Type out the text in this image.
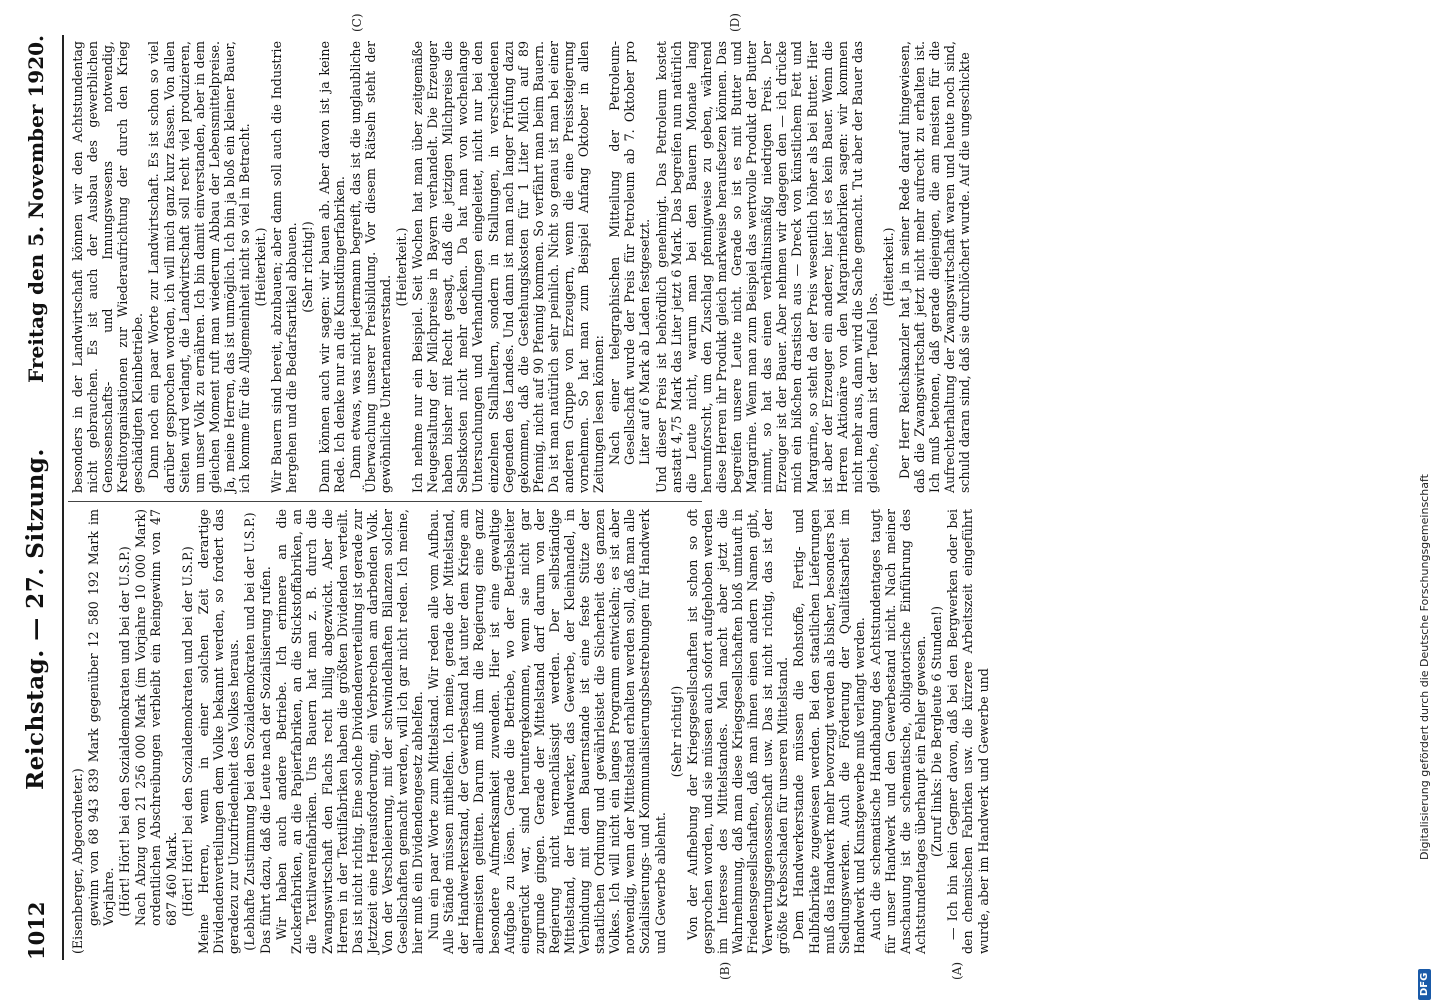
1012
Reichstag. — 27. Sitzung.
Freitag den 5. November 1920.

(Eisenberger, Abgeordneter.) gewinn von 68 943 839 Mark gegenüber 12 580 192 Mark im Vorjahre. (Hört! Hört! bei den Sozialdemokraten und bei der U.S.P.) Nach Abzug von 21 256 000 Mark (im Vorjahre 10 000 Mark) ordentlichen Abschreibungen verbleibt ein Reingewinn von 47 687 460 Mark. (Hört! Hört! bei den Sozialdemokraten und bei der U.S.P.) Meine Herren, wenn in einer solchen Zeit derartige Dividendenverteilungen dem Volke bekannt werden, so fordert das geradezu zur Unzufriedenheit des Volkes heraus. (Lebhafte Zustimmung bei den Sozialdemokraten und bei der U.S.P.) Das führt dazu, daß die Leute nach der Sozialisierung rufen. Wir haben auch andere Betriebe. Ich erinnere an die Zuckerfabriken, an die Papierfabriken, an die Stickstoffabriken, an die Textilwarenfabriken. Uns Bauern hat man z. B. durch die Zwangswirtschaft den Flachs recht billig abgezwickt. Aber die Herren in der Textilfabriken haben die größten Dividenden verteilt. Das ist nicht richtig. Eine solche Dividendenverteilung ist gerade zur Jetztzeit eine Herausforderung, ein Verbrechen am darbenden Volk. Von der Verschleierung, mit der schwindelhaften Bilanzen solcher Gesellschaften gemacht werden, will ich gar nicht reden. Ich meine, hier muß ein Dividendengesetz abhelfen. Nun ein paar Worte zum Mittelstand. Wir reden alle vom Aufbau. Alle Stände müssen mithelfen. Ich meine, gerade der Mittelstand, der Handwerkerstand, der Gewerbestand hat unter dem Kriege am allermeisten gelitten. Darum muß ihm die Regierung eine ganz besondere Aufmerksamkeit zuwenden. Hier ist eine gewaltige Aufgabe zu lösen. Gerade die Betriebe, wo der Betriebsleiter eingerückt war, sind heruntergekommen, wenn sie nicht gar zugrunde gingen. Gerade der Mittelstand darf darum von der Regierung nicht vernachlässigt werden. Der selbständige Mittelstand, der Handwerker, das Gewerbe, der Kleinhandel, in Verbindung mit dem Bauernstande ist eine feste Stütze der staatlichen Ordnung und gewährleistet die Sicherheit des ganzen Volkes. Ich will nicht ein langes Programm entwickeln; es ist aber notwendig, wenn der Mittelstand erhalten werden soll, daß man alle Sozialisierungs- und Kommunalisierungsbestrebungen für Handwerk und Gewerbe ablehnt.

(Sehr richtig!) Von der Aufhebung der Kriegsgesellschaften ist schon so oft gesprochen worden, und sie müssen auch sofort aufgehoben werden im Interesse des Mittelstandes. Man macht aber jetzt die Wahrnehmung, daß man diese Kriegsgesellschaften bloß umtauft in Friedensgesellschaften, daß man ihnen einen andern Namen gibt, Verwertungsgenossenschaft usw. Das ist nicht richtig, das ist der größte Krebsschaden für unseren Mittelstand. Dem Handwerkerstande müssen die Rohstoffe, Fertig- und Halbfabrikate zugewiesen werden. Bei den staatlichen Lieferungen muß das Handwerk mehr bevorzugt werden als bisher, besonders bei Siedlungswerken. Auch die Förderung der Qualitätsarbeit im Handwerk und Kunstgewerbe muß verlangt werden. Auch die schematische Handhabung des Achtstundentages taugt für unser Handwerk und den Gewerbestand nicht. Nach meiner Anschauung ist die schematische, obligatorische Einführung des Achtstundentages überhaupt ein Fehler gewesen. (Zuruf links: Die Bergleute 6 Stunden!) — Ich bin kein Gegner davon, daß bei den Bergwerken oder bei den chemischen Fabriken usw. die kürzere Arbeitszeit eingeführt wurde, aber im Handwerk und Gewerbe und

besonders in der Landwirtschaft können wir den Achtstundentag nicht gebrauchen. Es ist auch der Ausbau des gewerblichen Genossenschafts- und Innungswesens notwendig, Kreditorganisationen zur Wiederaufrichtung der durch den Krieg geschädigten Kleinbetriebe. Dann noch ein paar Worte zur Landwirtschaft. Es ist schon so viel darüber gesprochen worden, ich will mich ganz kurz fassen. Von allen Seiten wird verlangt, die Landwirtschaft soll recht viel produzieren, um unser Volk zu ernähren. Ich bin damit einverstanden, aber in dem gleichen Moment ruft man wiederum Abbau der Lebensmittelpreise. Ja, meine Herren, das ist unmöglich. Ich bin ja bloß ein kleiner Bauer, ich komme für die Allgemeinheit nicht so viel in Betracht. (Heiterkeit.) Wir Bauern sind bereit, abzubauen; aber dann soll auch die Industrie hergehen und die Bedarfsartikel abbauen. (Sehr richtig!) Dann können auch wir sagen: wir bauen ab. Aber davon ist ja keine Rede. Ich denke nur an die Kunstdüngerfabriken. Dann etwas, was nicht jedermann begreift, das ist die unglaubliche Überwachung unserer Preisbildung. Vor diesem Rätseln steht der gewöhnliche Untertanenverstand.

(Heiterkeit.) Ich nehme nur ein Beispiel. Seit Wochen hat man über zeitgemäße Neugestaltung der Milchpreise in Bayern verhandelt. Die Erzeuger haben bisher mit Recht gesagt, daß die jetzigen Milchpreise die Selbstkosten nicht mehr decken. Da hat man von wochenlange Untersuchungen und Verhandlungen eingeleitet, nicht nur bei den einzelnen Stallhaltern, sondern in Stallungen, in verschiedenen Gegenden des Landes. Und dann ist man nach langer Prüfung dazu gekommen, daß die Gestehungskosten für 1 Liter Milch auf 89 Pfennig, nicht auf 90 Pfennig kommen. So verfährt man beim Bauern. Da ist man natürlich sehr peinlich. Nicht so genau ist man bei einer anderen Gruppe von Erzeugern, wenn die eine Preissteigerung vornehmen. So hat man zum Beispiel Anfang Oktober in allen Zeitungen lesen können: Nach einer telegraphischen Mitteilung der Petroleum-Gesellschaft wurde der Preis für Petroleum ab 7. Oktober pro Liter auf 6 Mark ab Laden festgesetzt. Und dieser Preis ist behördlich genehmigt. Das Petroleum kostet anstatt 4,75 Mark das Liter jetzt 6 Mark. Das begreifen nun natürlich die Leute nicht, warum man bei den Bauern Monate lang herumforscht, um den Zuschlag pfennigweise zu geben, während diese Herren ihr Produkt gleich markweise heraufsetzen können. Das begreifen unsere Leute nicht. Gerade so ist es mit Butter und Margarine. Wenn man zum Beispiel das wertvolle Produkt der Butter nimmt, so hat das einen verhältnismäßig niedrigen Preis. Der Erzeuger ist der Bauer. Aber nehmen wir dagegen den — ich drücke mich ein bißchen drastisch aus — Dreck von künstlichem Fett und Margarine, so steht da der Preis wesentlich höher als bei Butter. Hier ist aber der Erzeuger ein anderer, hier ist es kein Bauer. Wenn die Herren Aktionäre von den Margarinefabriken sagen: wir kommen nicht mehr aus, dann wird die Sache gemacht. Tut aber der Bauer das gleiche, dann ist der Teufel los.

(Heiterkeit.) Der Herr Reichskanzler hat ja in seiner Rede darauf hingewiesen, daß die Zwangswirtschaft jetzt nicht mehr aufrecht zu erhalten ist. Ich muß betonen, daß gerade diejenigen, die am meisten für die Aufrechterhaltung der Zwangswirtschaft waren und heute noch sind, schuld daran sind, daß sie durchlöchert wurde. Auf die ungeschickte

(A)
(B)
(C)	(D)
DFG
Digitalisierung gefördert durch die Deutsche Forschungsgemeinschaft
